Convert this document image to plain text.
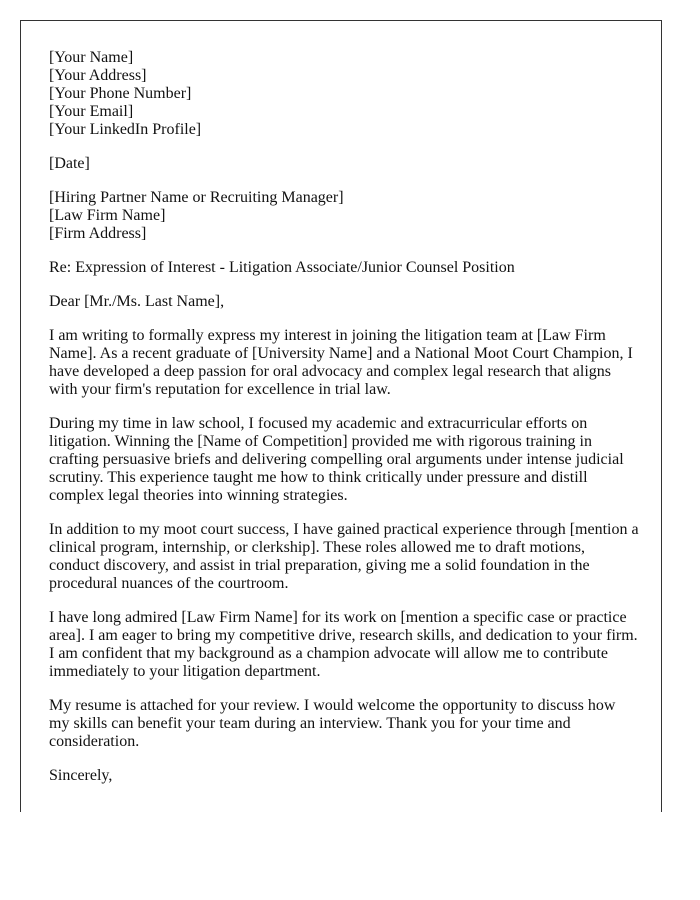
[Your Name]
[Your Address]
[Your Phone Number]
[Your Email]
[Your LinkedIn Profile]
[Date]
[Hiring Partner Name or Recruiting Manager]
[Law Firm Name]
[Firm Address]
Re: Expression of Interest - Litigation Associate/Junior Counsel Position
Dear [Mr./Ms. Last Name],

I am writing to formally express my interest in joining the litigation team at [Law Firm Name]. As a recent graduate of [University Name] and a National Moot Court Champion, I have developed a deep passion for oral advocacy and complex legal research that aligns with your firm's reputation for excellence in trial law.

During my time in law school, I focused my academic and extracurricular efforts on litigation. Winning the [Name of Competition] provided me with rigorous training in crafting persuasive briefs and delivering compelling oral arguments under intense judicial scrutiny. This experience taught me how to think critically under pressure and distill complex legal theories into winning strategies.

In addition to my moot court success, I have gained practical experience through [mention a clinical program, internship, or clerkship]. These roles allowed me to draft motions, conduct discovery, and assist in trial preparation, giving me a solid foundation in the procedural nuances of the courtroom.

I have long admired [Law Firm Name] for its work on [mention a specific case or practice area]. I am eager to bring my competitive drive, research skills, and dedication to your firm. I am confident that my background as a champion advocate will allow me to contribute immediately to your litigation department.

My resume is attached for your review. I would welcome the opportunity to discuss how my skills can benefit your team during an interview. Thank you for your time and consideration.

Sincerely,
